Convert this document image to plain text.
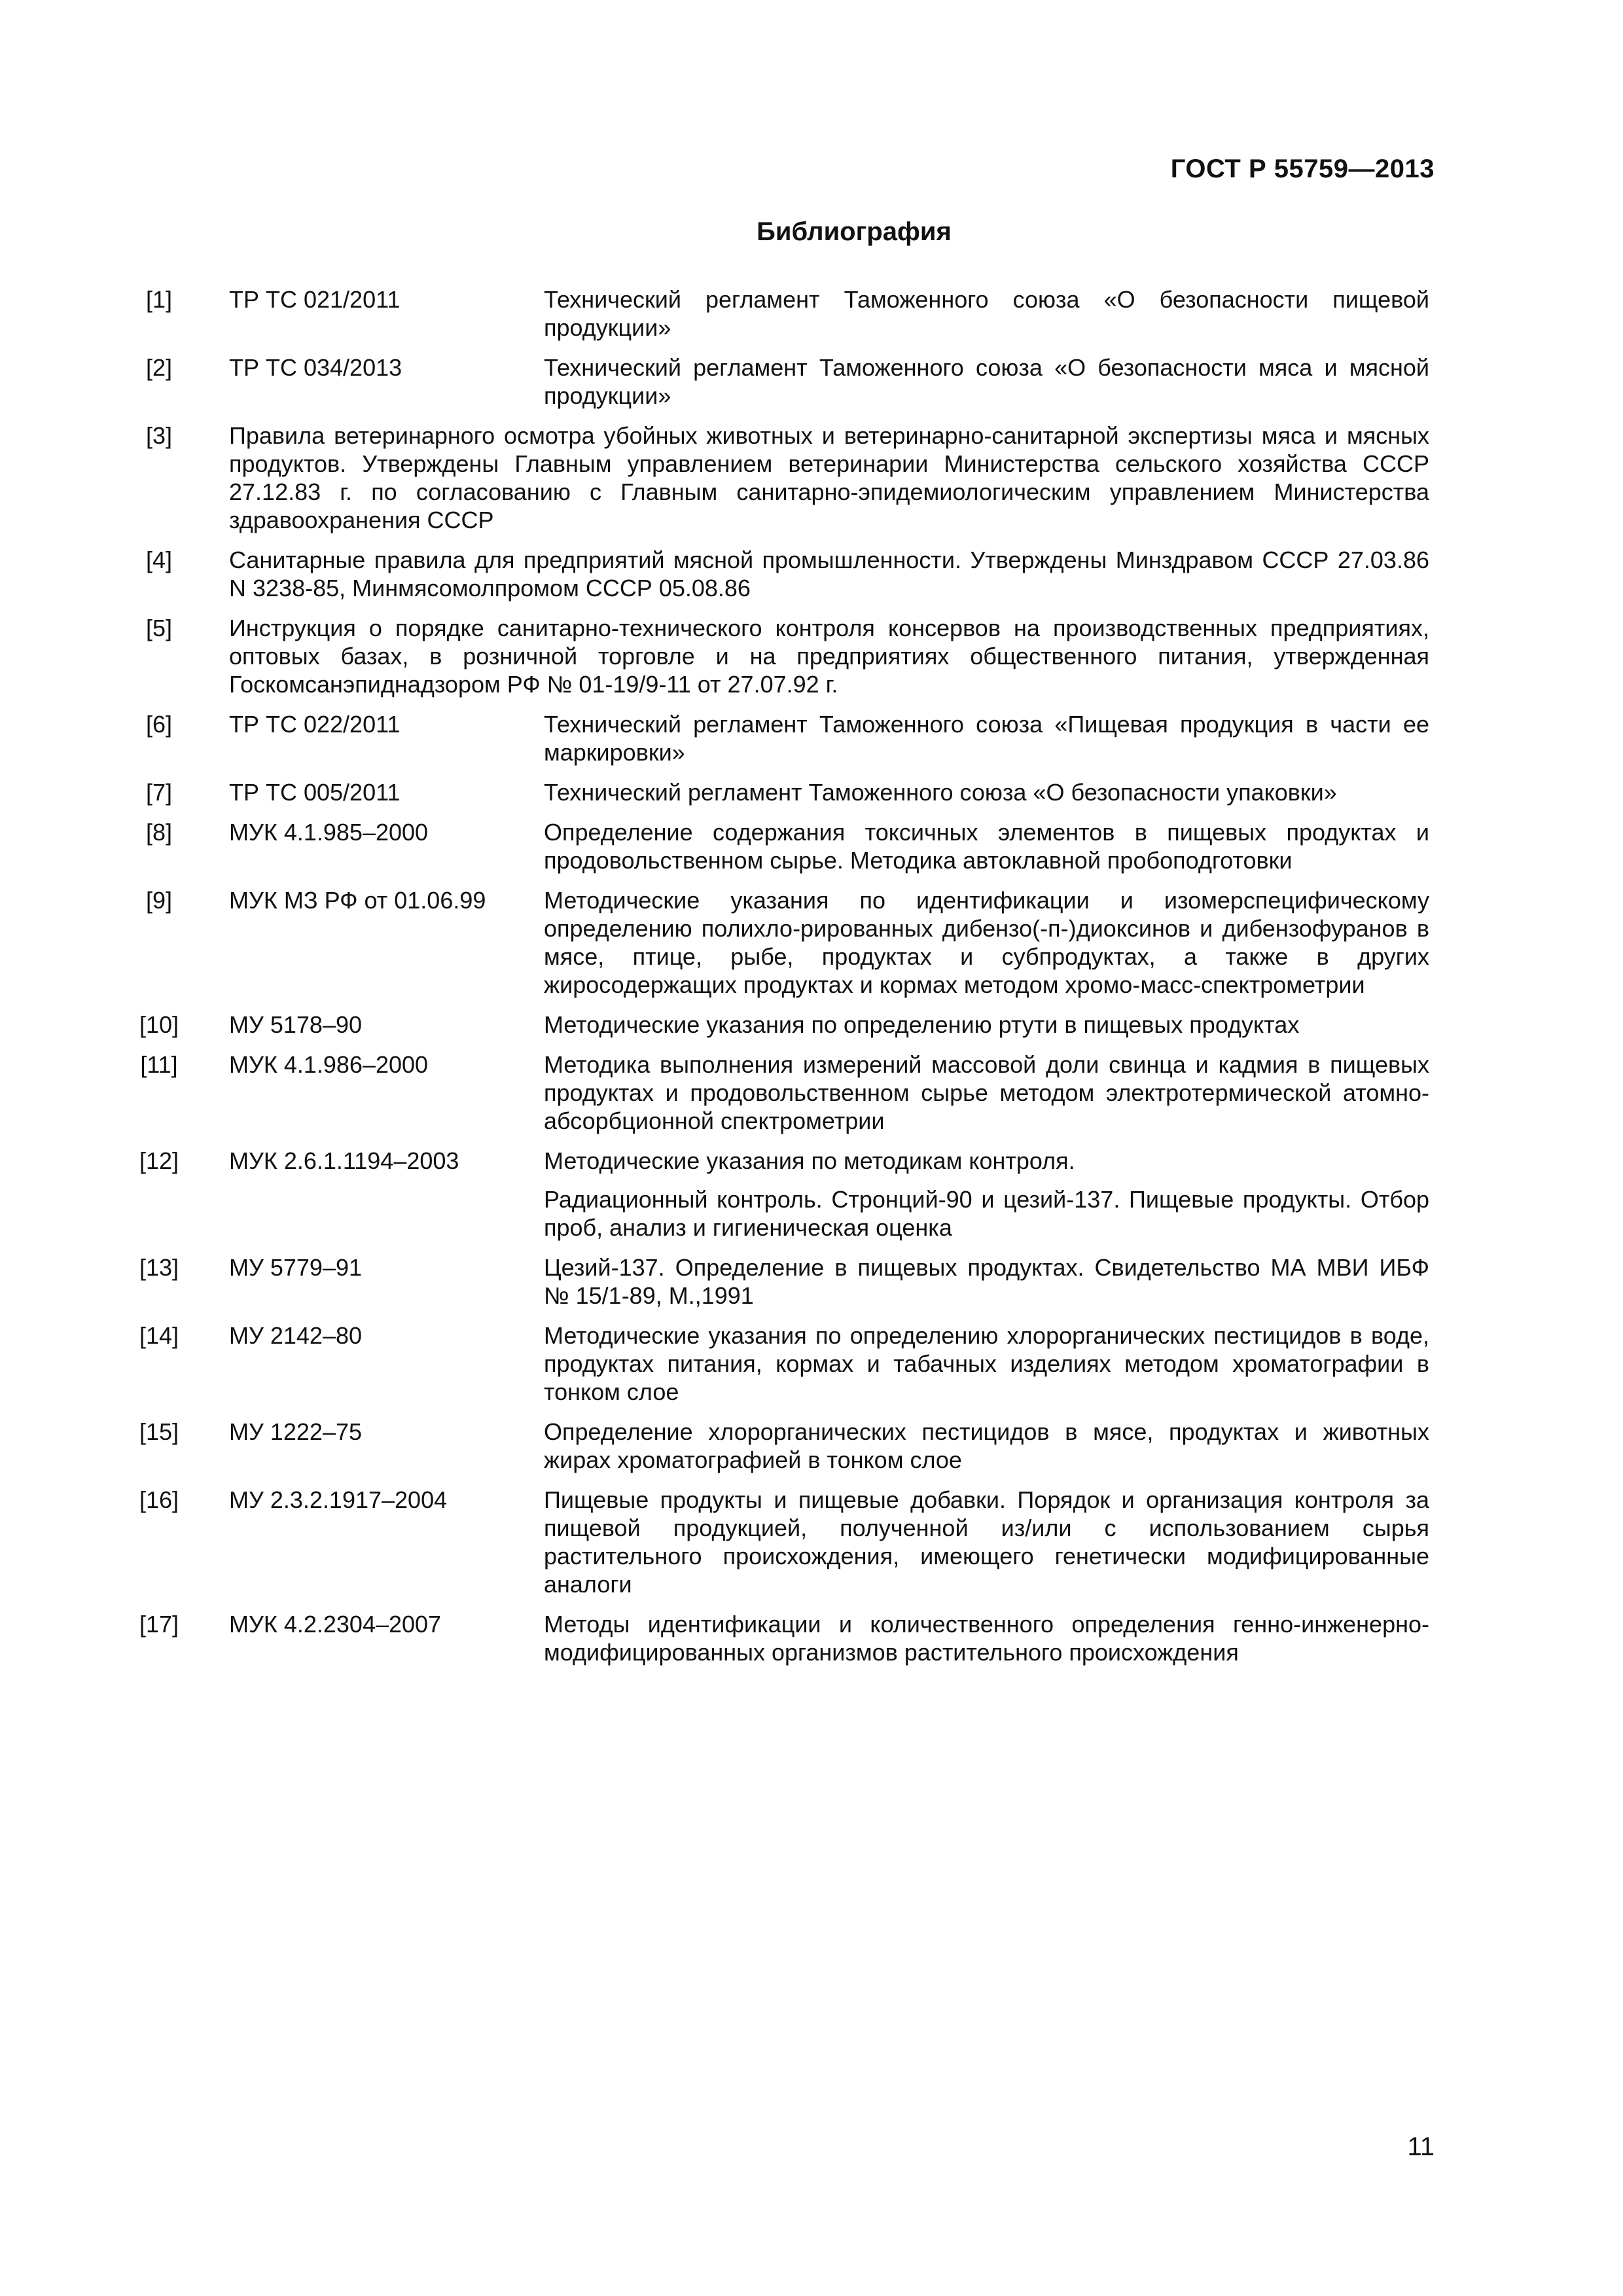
ГОСТ Р 55759—2013
Библиография
[1]	ТР ТС 021/2011	Технический регламент Таможенного союза «О безопасности пищевой продукции»

[2]	ТР ТС 034/2013	Технический регламент Таможенного союза «О безопасности мяса и мясной продукции»

[3]	Правила ветеринарного осмотра убойных животных и ветеринарно-санитарной экспертизы мяса и мясных продуктов. Утверждены Главным управлением ветеринарии Министерства сельского хозяйства СССР 27.12.83 г. по согласованию с Главным санитарно-эпидемиологическим управлением Министерства здравоохранения СССР

[4]	Санитарные правила для предприятий мясной промышленности. Утверждены Минздравом СССР 27.03.86 N 3238-85, Минмясомолпромом СССР 05.08.86

[5]	Инструкция о порядке санитарно-технического контроля консервов на производственных предприятиях, оптовых базах, в розничной торговле и на предприятиях общественного питания, утвержденная Госкомсанэпиднадзором РФ № 01-19/9-11 от 27.07.92 г.

[6]	ТР ТС 022/2011	Технический регламент Таможенного союза «Пищевая продукция в части ее маркировки»

[7]	ТР ТС 005/2011	Технический регламент Таможенного союза «О безопасности упаковки»

[8]	МУК 4.1.985–2000	Определение содержания токсичных элементов в пищевых продуктах и продовольственном сырье. Методика автоклавной пробоподготовки

[9]	МУК МЗ РФ от 01.06.99	Методические указания по идентификации и изомерспецифическому определению полихло-рированных дибензо(-п-)диоксинов и дибензофуранов в мясе, птице, рыбе, продуктах и субпродуктах, а также в других жиросодержащих продуктах и кормах методом хромо-масс-спектрометрии

[10]	МУ 5178–90	Методические указания по определению ртути в пищевых продуктах

[11]	МУК 4.1.986–2000	Методика выполнения измерений массовой доли свинца и кадмия в пищевых продуктах и продовольственном сырье методом электротермической атомно-абсорбционной спектрометрии

[12]	МУК 2.6.1.1194–2003	Методические указания по методикам контроля.

Радиационный контроль. Стронций-90 и цезий-137. Пищевые продукты. Отбор проб, анализ и гигиеническая оценка

[13]	МУ 5779–91	Цезий-137. Определение в пищевых продуктах. Свидетельство МА МВИ ИБФ № 15/1-89, М.,1991

[14]	МУ 2142–80	Методические указания по определению хлорорганических пестицидов в воде, продуктах питания, кормах и табачных изделиях методом хроматографии в тонком слое

[15]	МУ 1222–75	Определение хлорорганических пестицидов в мясе, продуктах и животных жирах хроматографией в тонком слое

[16]	МУ 2.3.2.1917–2004	Пищевые продукты и пищевые добавки. Порядок и организация контроля за пищевой продукцией, полученной из/или с использованием сырья растительного происхождения, имеющего генетически модифицированные аналоги

[17]	МУК 4.2.2304–2007	Методы идентификации и количественного определения генно-инженерно-модифицированных организмов растительного происхождения

11
